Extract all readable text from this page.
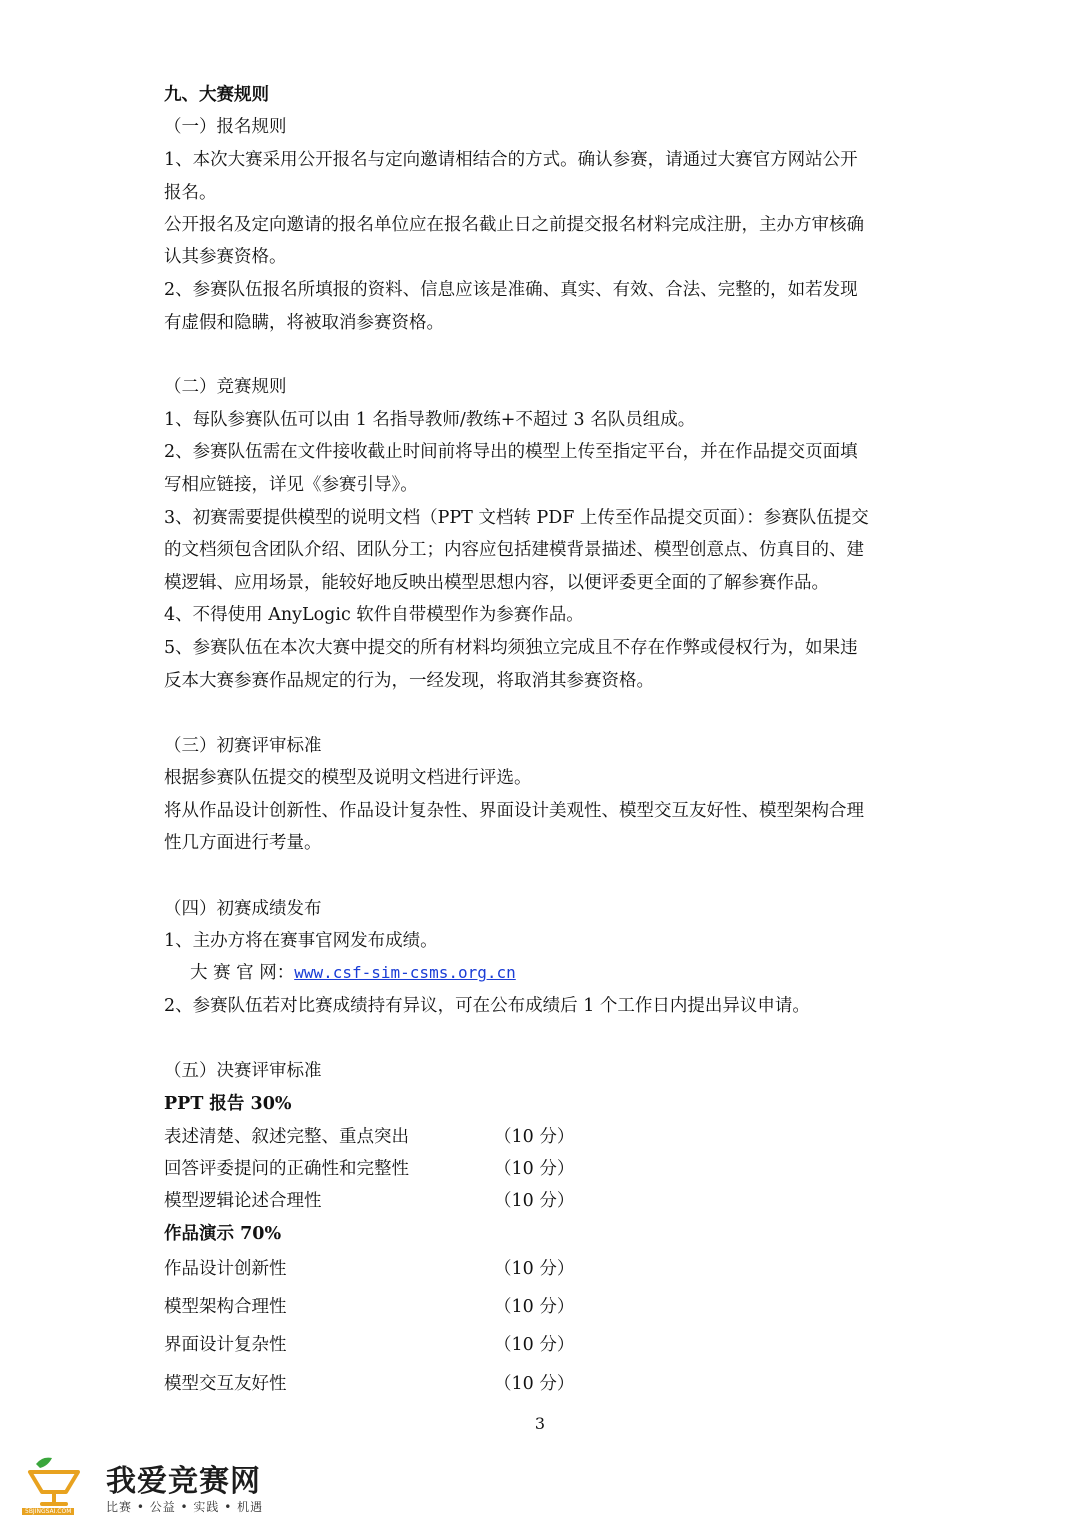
九、大赛规则
（一）报名规则
1、本次大赛采用公开报名与定向邀请相结合的方式。确认参赛，请通过大赛官方网站公开
报名。
公开报名及定向邀请的报名单位应在报名截止日之前提交报名材料完成注册，主办方审核确
认其参赛资格。
2、参赛队伍报名所填报的资料、信息应该是准确、真实、有效、合法、完整的，如若发现
有虚假和隐瞒，将被取消参赛资格。
（二）竞赛规则
1、每队参赛队伍可以由 1 名指导教师/教练+不超过 3 名队员组成。
2、参赛队伍需在文件接收截止时间前将导出的模型上传至指定平台，并在作品提交页面填
写相应链接，详见《参赛引导》。
3、初赛需要提供模型的说明文档（PPT 文档转 PDF 上传至作品提交页面）：参赛队伍提交
的文档须包含团队介绍、团队分工；内容应包括建模背景描述、模型创意点、仿真目的、建
模逻辑、应用场景，能较好地反映出模型思想内容，以便评委更全面的了解参赛作品。
4、不得使用 AnyLogic 软件自带模型作为参赛作品。
5、参赛队伍在本次大赛中提交的所有材料均须独立完成且不存在作弊或侵权行为，如果违
反本大赛参赛作品规定的行为，一经发现，将取消其参赛资格。
（三）初赛评审标准
根据参赛队伍提交的模型及说明文档进行评选。
将从作品设计创新性、作品设计复杂性、界面设计美观性、模型交互友好性、模型架构合理
性几方面进行考量。
（四）初赛成绩发布
1、主办方将在赛事官网发布成绩。
大 赛 官 网：www.csf-sim-csms.org.cn
2、参赛队伍若对比赛成绩持有异议，可在公布成绩后 1 个工作日内提出异议申请。
（五）决赛评审标准
PPT 报告 30%
表述清楚、叙述完整、重点突出	（10 分）
回答评委提问的正确性和完整性	（10 分）
模型逻辑论述合理性	（10 分）
作品演示 70%
作品设计创新性	（10 分）
模型架构合理性	（10 分）
界面设计复杂性	（10 分）
模型交互友好性	（10 分）
3
5BJINGSAI.COM
我爱竞赛网
比赛 • 公益 • 实践 • 机遇
